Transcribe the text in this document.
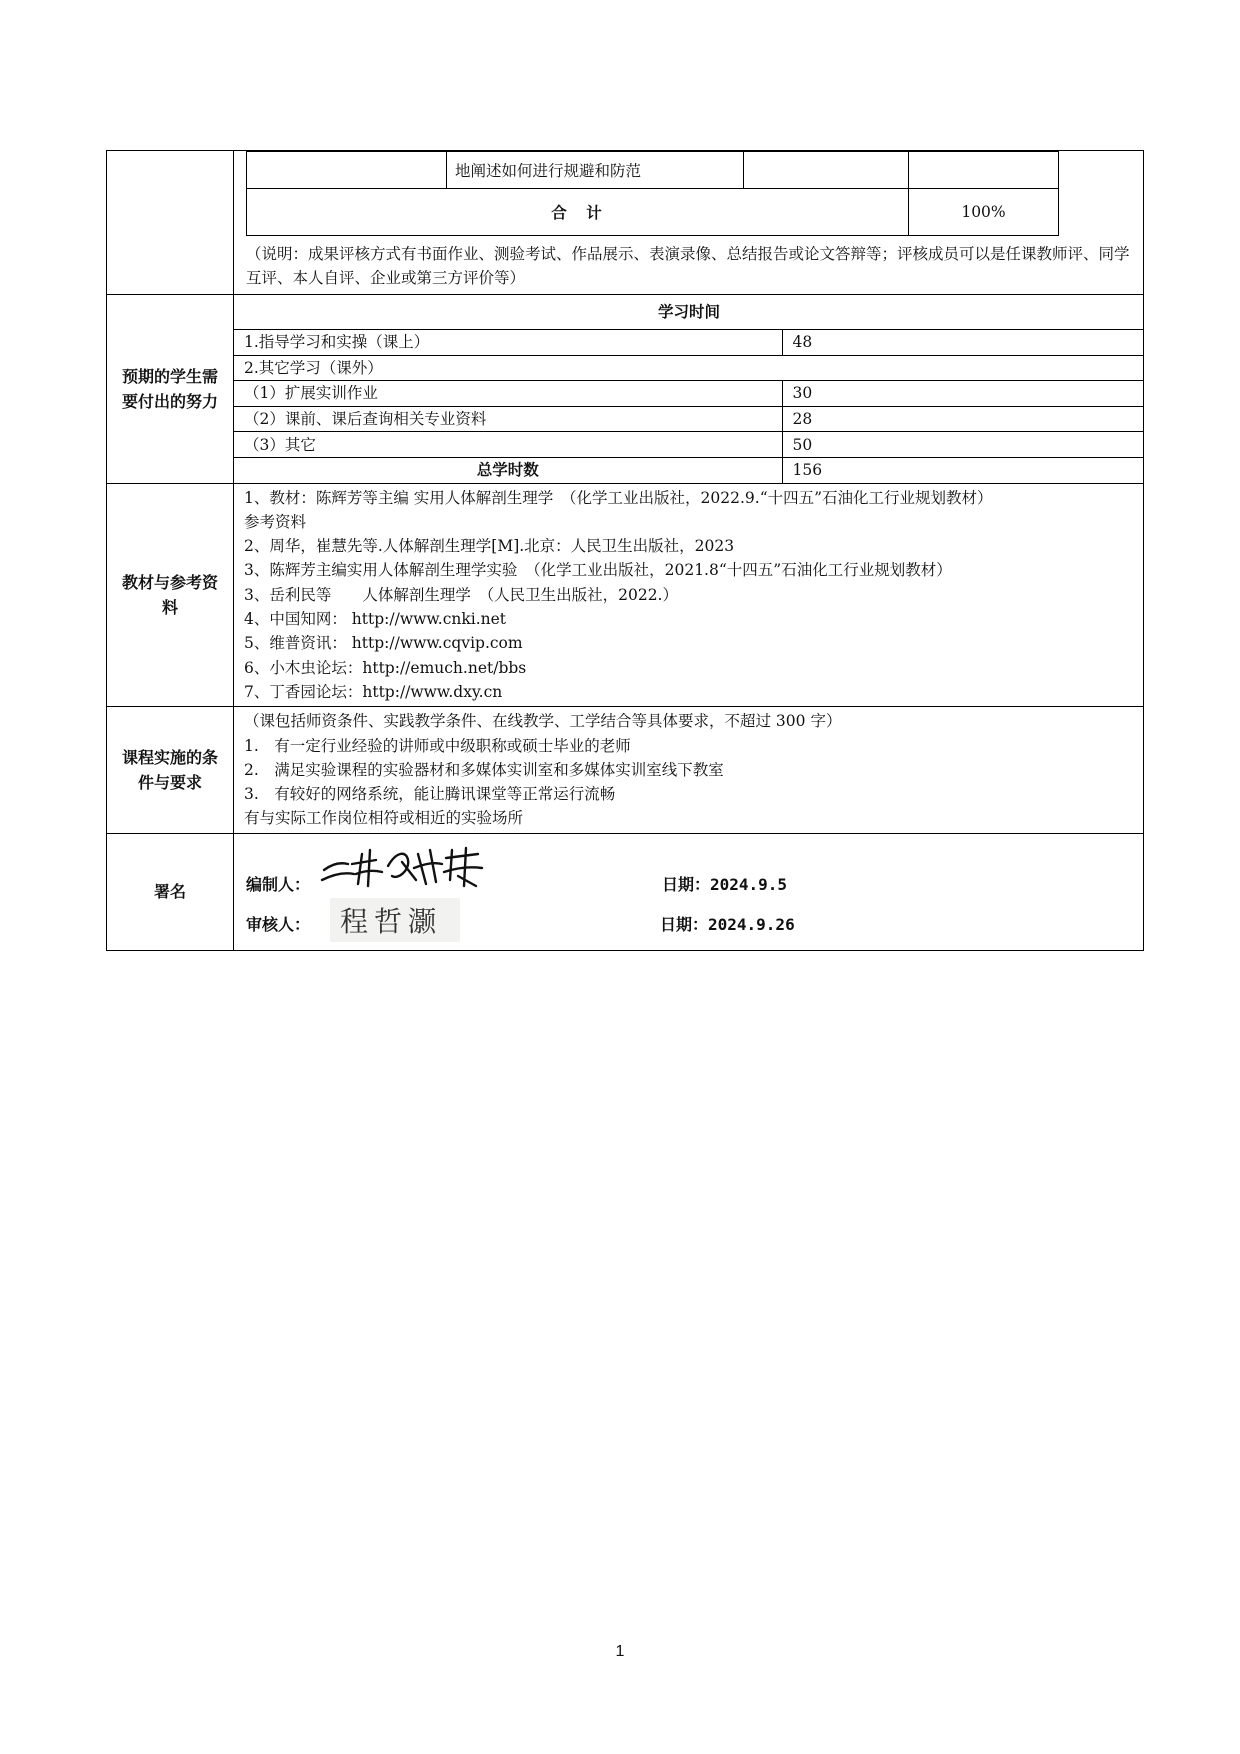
	地阐述如何进行规避和防范		
合　计	100%
（说明：成果评核方式有书面作业、测验考试、作品展示、表演录像、总结报告或论文答辩等；评核成员可以是任课教师评、同学互评、本人自评、企业或第三方评价等）

预期的学生需要付出的努力

学习时间
1.指导学习和实操（课上）	48
2.其它学习（课外）
（1）扩展实训作业	30
（2）课前、课后查询相关专业资料	28
（3）其它	50
总学时数	156

教材与参考资料

1、教材：陈辉芳等主编 实用人体解剖生理学　（化学工业出版社，2022.9.“十四五”石油化工行业规划教材）
参考资料
2、周华，崔慧先等.人体解剖生理学[M].北京：人民卫生出版社，2023
3、陈辉芳主编实用人体解剖生理学实验　（化学工业出版社，2021.8“十四五”石油化工行业规划教材）
3、岳利民等　　人体解剖生理学　（人民卫生出版社，2022.）
4、中国知网： http://www.cnki.net
5、维普资讯： http://www.cqvip.com
6、小木虫论坛：http://emuch.net/bbs
7、丁香园论坛：http://www.dxy.cn

课程实施的条件与要求

（课包括师资条件、实践教学条件、在线教学、工学结合等具体要求，不超过 300 字）
1.　有一定行业经验的讲师或中级职称或硕士毕业的老师
2.　满足实验课程的实验器材和多媒体实训室和多媒体实训室线下教室
3.　有较好的网络系统，能让腾讯课堂等正常运行流畅
有与实际工作岗位相符或相近的实验场所

署名	编制人：	日期：2024.9.5
审核人： 程哲灏	日期：2024.9.26
1
